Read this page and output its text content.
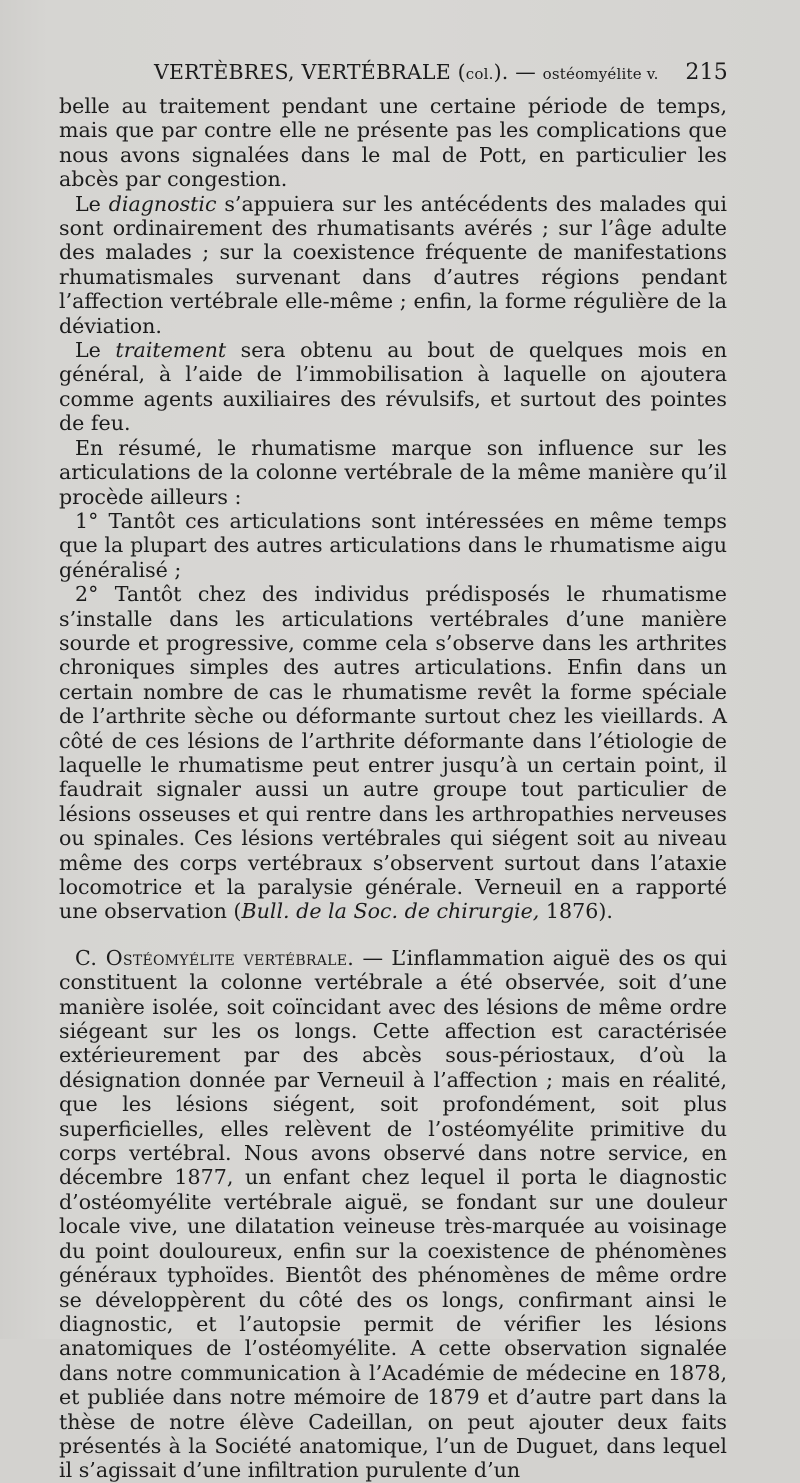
VERTÈBRES, VERTÉBRALE (col.). — ostéomyélite v. 215

belle au traitement pendant une certaine période de temps, mais que par contre elle ne présente pas les complications que nous avons signalées dans le mal de Pott, en particulier les abcès par congestion.

Le diagnostic s’appuiera sur les antécédents des malades qui sont ordinairement des rhumatisants avérés ; sur l’âge adulte des malades ; sur la coexistence fréquente de manifestations rhumatismales survenant dans d’autres régions pendant l’affection vertébrale elle-même ; enfin, la forme régulière de la déviation.

Le traitement sera obtenu au bout de quelques mois en général, à l’aide de l’immobilisation à laquelle on ajoutera comme agents auxiliaires des révulsifs, et surtout des pointes de feu.

En résumé, le rhumatisme marque son influence sur les articulations de la colonne vertébrale de la même manière qu’il procède ailleurs :

1° Tantôt ces articulations sont intéressées en même temps que la plupart des autres articulations dans le rhumatisme aigu généralisé ;

2° Tantôt chez des individus prédisposés le rhumatisme s’installe dans les articulations vertébrales d’une manière sourde et progressive, comme cela s’observe dans les arthrites chroniques simples des autres articulations. Enfin dans un certain nombre de cas le rhumatisme revêt la forme spéciale de l’arthrite sèche ou déformante surtout chez les vieillards. A côté de ces lésions de l’arthrite déformante dans l’étiologie de laquelle le rhumatisme peut entrer jusqu’à un certain point, il faudrait signaler aussi un autre groupe tout particulier de lésions osseuses et qui rentre dans les arthropathies nerveuses ou spinales. Ces lésions vertébrales qui siégent soit au niveau même des corps vertébraux s’observent surtout dans l’ataxie locomotrice et la paralysie générale. Verneuil en a rapporté une observation (Bull. de la Soc. de chirurgie, 1876).

C. Ostéomyélite vertébrale. — L’inflammation aiguë des os qui constituent la colonne vertébrale a été observée, soit d’une manière isolée, soit coïncidant avec des lésions de même ordre siégeant sur les os longs. Cette affection est caractérisée extérieurement par des abcès sous-périostaux, d’où la désignation donnée par Verneuil à l’affection ; mais en réalité, que les lésions siégent, soit profondément, soit plus superficielles, elles relèvent de l’ostéomyélite primitive du corps vertébral. Nous avons observé dans notre service, en décembre 1877, un enfant chez lequel il porta le diagnostic d’ostéomyélite vertébrale aiguë, se fondant sur une douleur locale vive, une dilatation veineuse très-marquée au voisinage du point douloureux, enfin sur la coexistence de phénomènes généraux typhoïdes. Bientôt des phénomènes de même ordre se développèrent du côté des os longs, confirmant ainsi le diagnostic, et l’autopsie permit de vérifier les lésions anatomiques de l’ostéomyélite. A cette observation signalée dans notre communication à l’Académie de médecine en 1878, et publiée dans notre mémoire de 1879 et d’autre part dans la thèse de notre élève Cadeillan, on peut ajouter deux faits présentés à la Société anatomique, l’un de Duguet, dans lequel il s’agissait d’une infiltration purulente d’un
